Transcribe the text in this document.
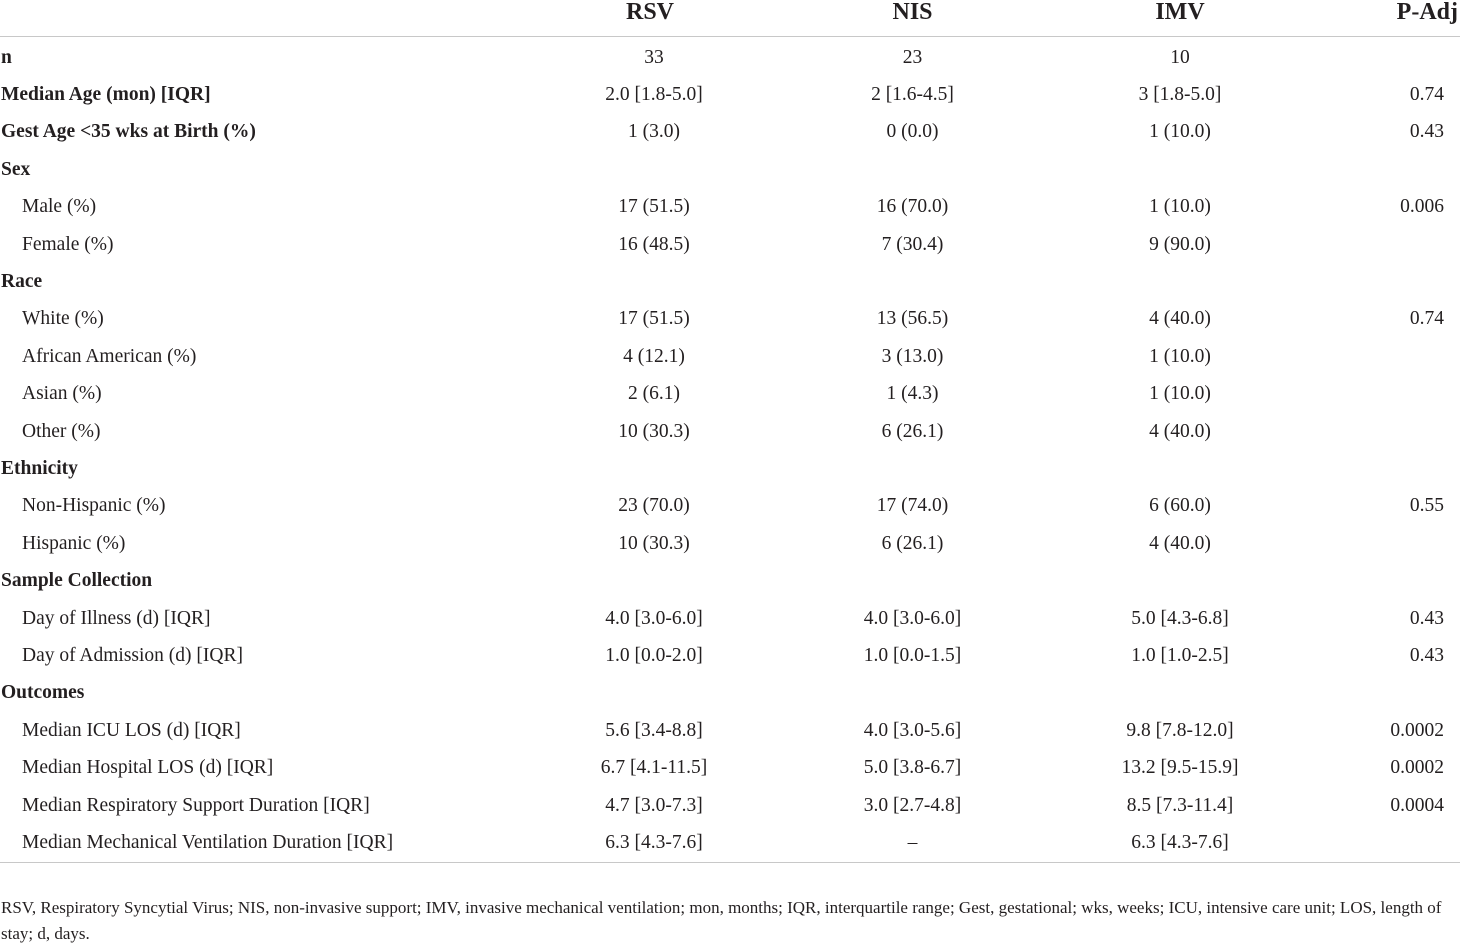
	RSV	NIS	IMV	P-Adj
n	33	23	10	
Median Age (mon) [IQR]	2.0 [1.8-5.0]	2 [1.6-4.5]	3 [1.8-5.0]	0.74
Gest Age <35 wks at Birth (%)	1 (3.0)	0 (0.0)	1 (10.0)	0.43
Sex				
Male (%)	17 (51.5)	16 (70.0)	1 (10.0)	0.006
Female (%)	16 (48.5)	7 (30.4)	9 (90.0)	
Race				
White (%)	17 (51.5)	13 (56.5)	4 (40.0)	0.74
African American (%)	4 (12.1)	3 (13.0)	1 (10.0)	
Asian (%)	2 (6.1)	1 (4.3)	1 (10.0)	
Other (%)	10 (30.3)	6 (26.1)	4 (40.0)	
Ethnicity				
Non-Hispanic (%)	23 (70.0)	17 (74.0)	6 (60.0)	0.55
Hispanic (%)	10 (30.3)	6 (26.1)	4 (40.0)	
Sample Collection				
Day of Illness (d) [IQR]	4.0 [3.0-6.0]	4.0 [3.0-6.0]	5.0 [4.3-6.8]	0.43
Day of Admission (d) [IQR]	1.0 [0.0-2.0]	1.0 [0.0-1.5]	1.0 [1.0-2.5]	0.43
Outcomes				
Median ICU LOS (d) [IQR]	5.6 [3.4-8.8]	4.0 [3.0-5.6]	9.8 [7.8-12.0]	0.0002
Median Hospital LOS (d) [IQR]	6.7 [4.1-11.5]	5.0 [3.8-6.7]	13.2 [9.5-15.9]	0.0002
Median Respiratory Support Duration [IQR]	4.7 [3.0-7.3]	3.0 [2.7-4.8]	8.5 [7.3-11.4]	0.0004
Median Mechanical Ventilation Duration [IQR]	6.3 [4.3-7.6]	–	6.3 [4.3-7.6]	
RSV, Respiratory Syncytial Virus; NIS, non-invasive support; IMV, invasive mechanical ventilation; mon, months; IQR, interquartile range; Gest, gestational; wks, weeks; ICU, intensive care unit; LOS, length of stay; d, days.
